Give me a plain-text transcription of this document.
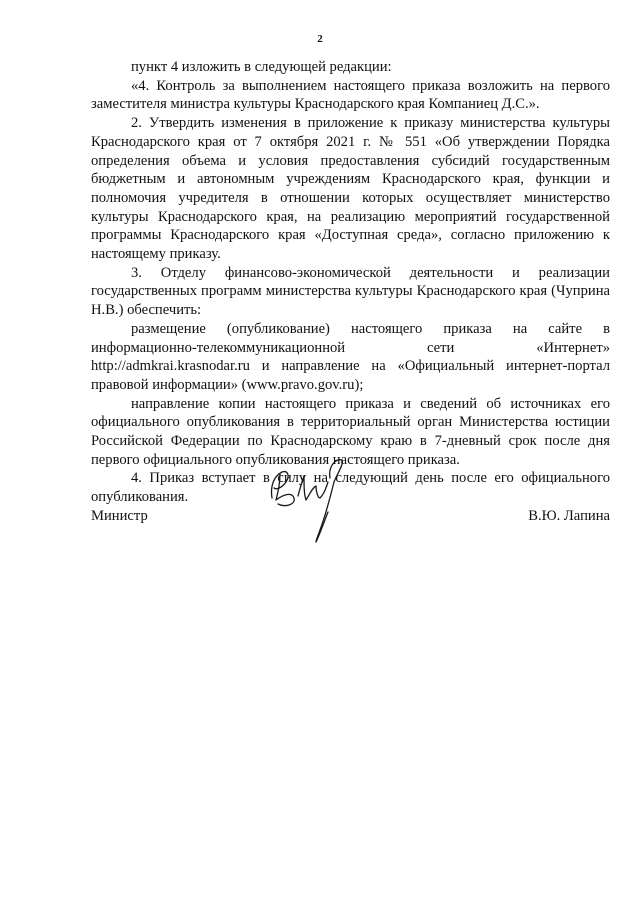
2

пункт 4 изложить в следующей редакции:

«4. Контроль за выполнением настоящего приказа возложить на первого заместителя министра культуры Краснодарского края Компаниец Д.С.».

2. Утвердить изменения в приложение к приказу министерства культуры Краснодарского края от 7 октября 2021 г. № 551 «Об утверждении Порядка определения объема и условия предоставления субсидий государственным бюджетным и автономным учреждениям Краснодарского края, функции и полномочия учредителя в отношении которых осуществляет министерство культуры Краснодарского края, на реализацию мероприятий государственной программы Краснодарского края «Доступная среда», согласно приложению к настоящему приказу.

3. Отделу финансово-экономической деятельности и реализации государственных программ министерства культуры Краснодарского края (Чуприна Н.В.) обеспечить:

размещение (опубликование) настоящего приказа на сайте в информационно-телекоммуникационной сети «Интернет» http://admkrai.krasnodar.ru и направление на «Официальный интернет-портал правовой информации» (www.pravo.gov.ru);

направление копии настоящего приказа и сведений об источниках его официального опубликования в территориальный орган Министерства юстиции Российской Федерации по Краснодарскому краю в 7-дневный срок после дня первого официального опубликования настоящего приказа.

4. Приказ вступает в силу на следующий день после его официального опубликования.

Министр	В.Ю. Лапина
